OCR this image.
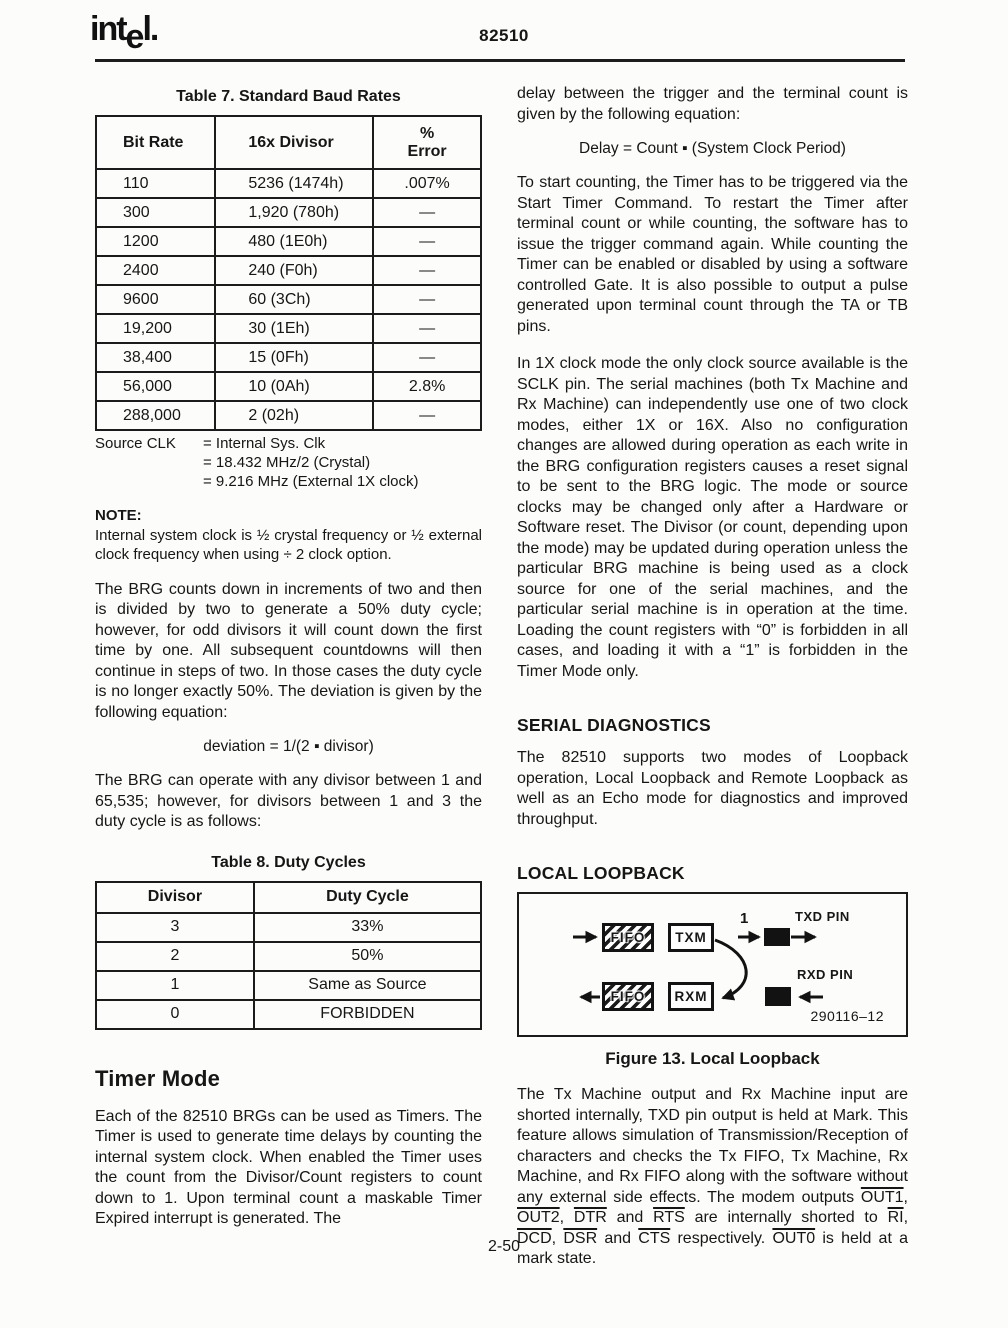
intel.	82510
Table 7. Standard Baud Rates
Bit Rate	16x Divisor	%
Error
110	5236 (1474h)	.007%
300	1,920 (780h)	—
1200	480 (1E0h)	—
2400	240 (F0h)	—
9600	60 (3Ch)	—
19,200	30 (1Eh)	—
38,400	15 (0Fh)	—
56,000	10 (0Ah)	2.8%
288,000	2 (02h)	—
Source CLK	= Internal Sys. Clk
= 18.432 MHz/2 (Crystal)
= 9.216 MHz (External 1X clock)
NOTE:
Internal system clock is ½ crystal frequency or ½ external clock frequency when using ÷ 2 clock option.

The BRG counts down in increments of two and then is divided by two to generate a 50% duty cycle; however, for odd divisors it will count down the first time by one. All subsequent countdowns will then continue in steps of two. In those cases the duty cycle is no longer exactly 50%. The deviation is given by the following equation:

deviation = 1/(2 ▪ divisor)

The BRG can operate with any divisor between 1 and 65,535; however, for divisors between 1 and 3 the duty cycle is as follows:

Table 8. Duty Cycles
Divisor	Duty Cycle
3	33%
2	50%
1	Same as Source
0	FORBIDDEN
Timer Mode

Each of the 82510 BRGs can be used as Timers. The Timer is used to generate time delays by counting the internal system clock. When enabled the Timer uses the count from the Divisor/Count registers to count down to 1. Upon terminal count a maskable Timer Expired interrupt is generated. The

delay between the trigger and the terminal count is given by the following equation:

Delay = Count ▪ (System Clock Period)

To start counting, the Timer has to be triggered via the Start Timer Command. To restart the Timer after terminal count or while counting, the software has to issue the trigger command again. While counting the Timer can be enabled or disabled by using a software controlled Gate. It is also possible to output a pulse generated upon terminal count through the TA or TB pins.

In 1X clock mode the only clock source available is the SCLK pin. The serial machines (both Tx Machine and Rx Machine) can independently use one of two clock modes, either 1X or 16X. Also no configuration changes are allowed during operation as each write in the BRG configuration registers causes a reset signal to be sent to the BRG logic. The mode or source clocks may be changed only after a Hardware or Software reset. The Divisor (or count, depending upon the mode) may be updated during operation unless the particular BRG machine is being used as a clock source for one of the serial machines, and the particular serial machine is in operation at the time. Loading the count registers with “0” is forbidden in all cases, and loading it with a “1” is forbidden in the Timer Mode only.

SERIAL DIAGNOSTICS

The 82510 supports two modes of Loopback operation, Local Loopback and Remote Loopback as well as an Echo mode for diagnostics and improved throughput.

LOCAL LOOPBACK
FIFO TXM
FIFO RXM
1	TXD PIN
RXD PIN
290116–12
Figure 13. Local Loopback

The Tx Machine output and Rx Machine input are shorted internally, TXD pin output is held at Mark. This feature allows simulation of Transmission/Reception of characters and checks the Tx FIFO, Tx Machine, Rx Machine, and Rx FIFO along with the software without any external side effects. The modem outputs OUT1, OUT2, $\overline{DTR}$ and $\overline{RTS}$ are internally shorted to $\overline{RI}$, $\overline{DCD}$, $\overline{DSR}$ and $\overline{CTS}$ respectively. OUT0 is held at a mark state.

2-50
